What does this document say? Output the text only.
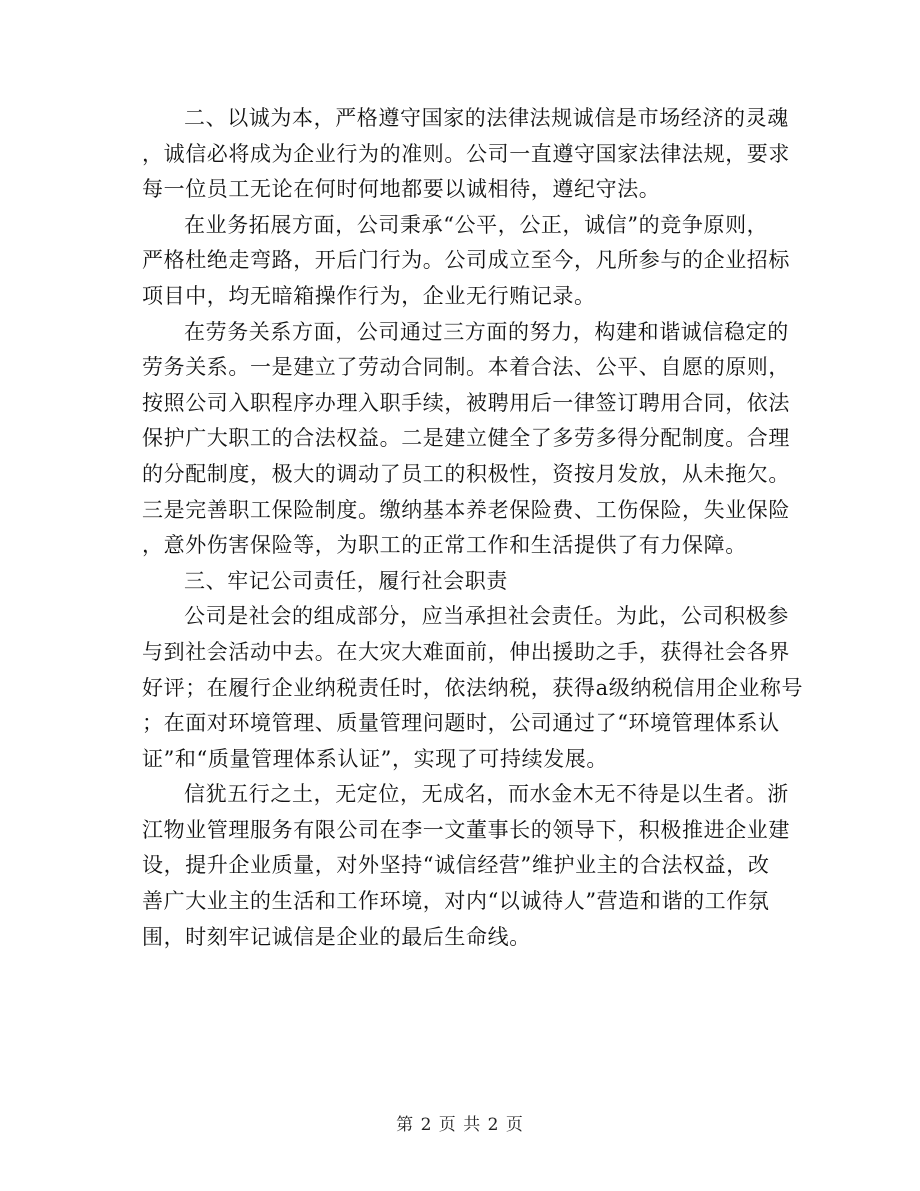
二、以诚为本，严格遵守国家的法律法规诚信是市场经济的灵魂
，诚信必将成为企业行为的准则。公司一直遵守国家法律法规，要求
每一位员工无论在何时何地都要以诚相待，遵纪守法。
在业务拓展方面，公司秉承“公平，公正，诚信”的竞争原则，
严格杜绝走弯路，开后门行为。公司成立至今，凡所参与的企业招标
项目中，均无暗箱操作行为，企业无行贿记录。
在劳务关系方面，公司通过三方面的努力，构建和谐诚信稳定的
劳务关系。一是建立了劳动合同制。本着合法、公平、自愿的原则，
按照公司入职程序办理入职手续，被聘用后一律签订聘用合同，依法
保护广大职工的合法权益。二是建立健全了多劳多得分配制度。合理
的分配制度，极大的调动了员工的积极性，资按月发放，从未拖欠。
三是完善职工保险制度。缴纳基本养老保险费、工伤保险，失业保险
，意外伤害保险等，为职工的正常工作和生活提供了有力保障。
三、牢记公司责任，履行社会职责
公司是社会的组成部分，应当承担社会责任。为此，公司积极参
与到社会活动中去。在大灾大难面前，伸出援助之手，获得社会各界
好评；在履行企业纳税责任时，依法纳税，获得a级纳税信用企业称号
；在面对环境管理、质量管理问题时，公司通过了“环境管理体系认
证”和“质量管理体系认证”，实现了可持续发展。
信犹五行之土，无定位，无成名，而水金木无不待是以生者。浙
江物业管理服务有限公司在李一文董事长的领导下，积极推进企业建
设，提升企业质量，对外坚持“诚信经营”维护业主的合法权益，改
善广大业主的生活和工作环境，对内“以诚待人”营造和谐的工作氛
围，时刻牢记诚信是企业的最后生命线。
第 2 页 共 2 页
